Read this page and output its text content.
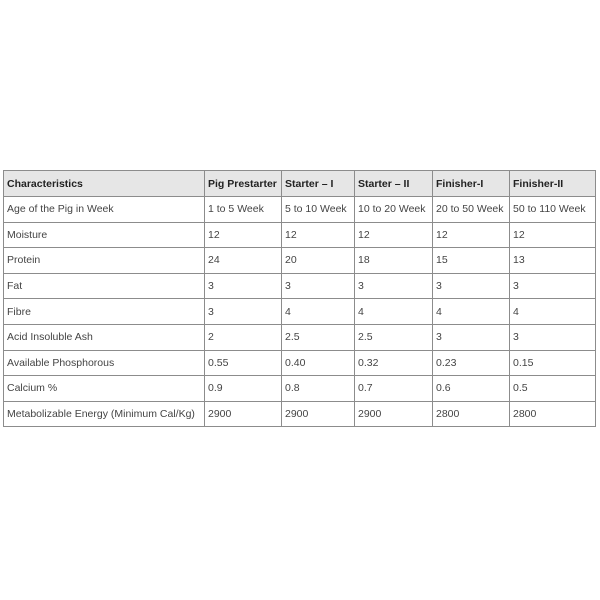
Characteristics	Pig Prestarter	Starter – I	Starter – II	Finisher-I	Finisher-II
Age of the Pig in Week	1 to 5 Week	5 to 10 Week	10 to 20 Week	20 to 50 Week	50 to 110 Week
Moisture	12	12	12	12	12
Protein	24	20	18	15	13
Fat	3	3	3	3	3
Fibre	3	4	4	4	4
Acid Insoluble Ash	2	2.5	2.5	3	3
Available Phosphorous	0.55	0.40	0.32	0.23	0.15
Calcium %	0.9	0.8	0.7	0.6	0.5
Metabolizable Energy (Minimum Cal/Kg)	2900	2900	2900	2800	2800
